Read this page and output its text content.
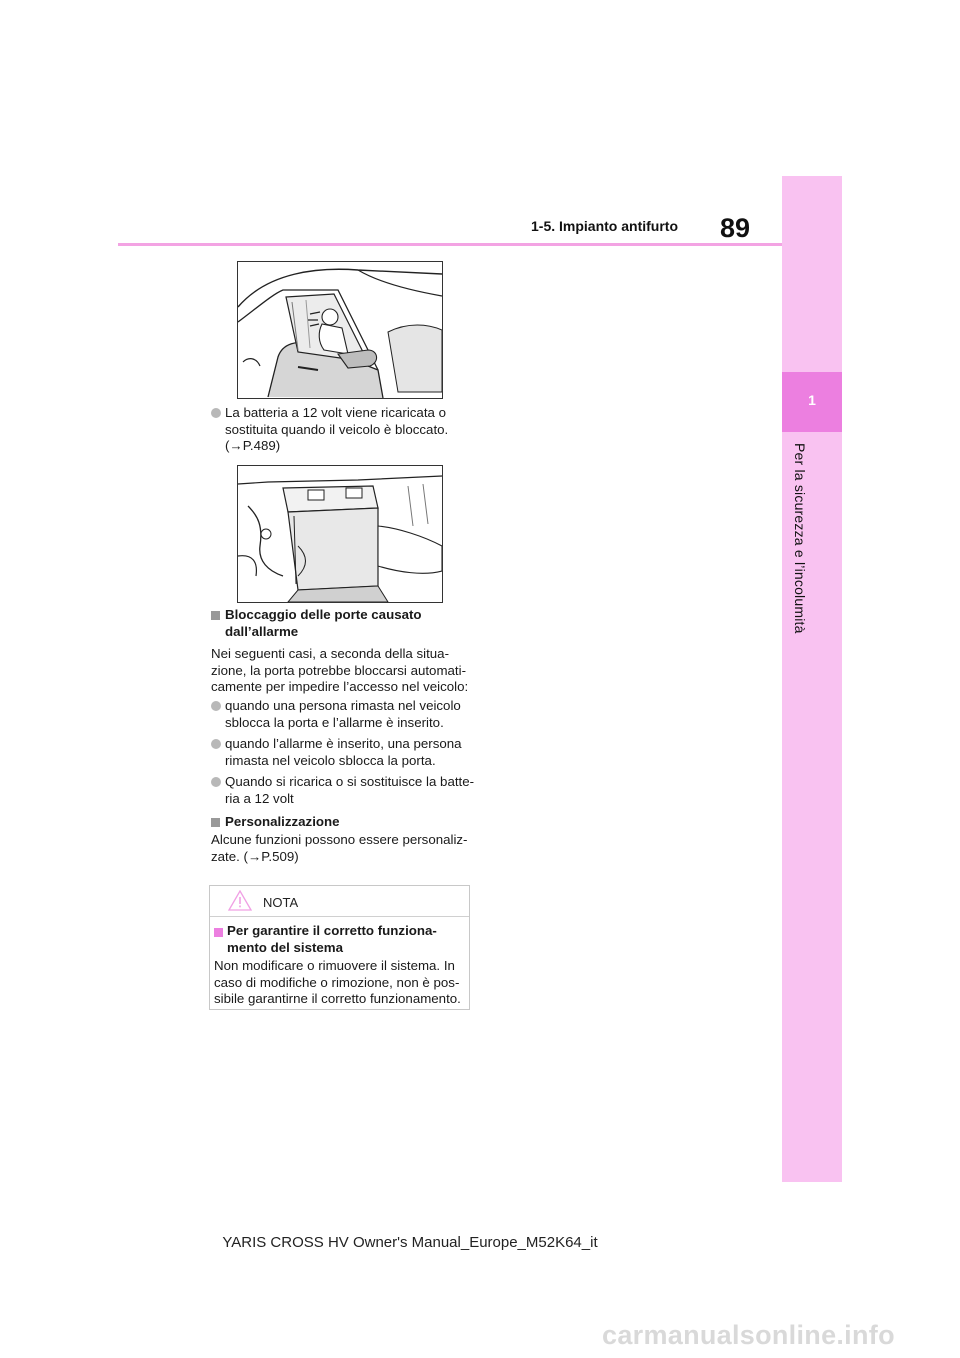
1
Per la sicurezza e l’incolumità
1-5. Impianto antifurto 89
La batteria a 12 volt viene ricaricata o
sostituita quando il veicolo è bloccato.
(→P.489)
Bloccaggio delle porte causato
dall’allarme
Nei seguenti casi, a seconda della situa-
zione, la porta potrebbe bloccarsi automati-
camente per impedire l’accesso nel veicolo:
quando una persona rimasta nel veicolo
sblocca la porta e l’allarme è inserito.
quando l’allarme è inserito, una persona
rimasta nel veicolo sblocca la porta.
Quando si ricarica o si sostituisce la batte-
ria a 12 volt
Personalizzazione
Alcune funzioni possono essere personaliz-
zate. (→P.509)
NOTA
Per garantire il corretto funziona-
mento del sistema
Non modificare o rimuovere il sistema. In
caso di modifiche o rimozione, non è pos-
sibile garantirne il corretto funzionamento.
YARIS CROSS HV Owner's Manual_Europe_M52K64_it
carmanualsonline.info
